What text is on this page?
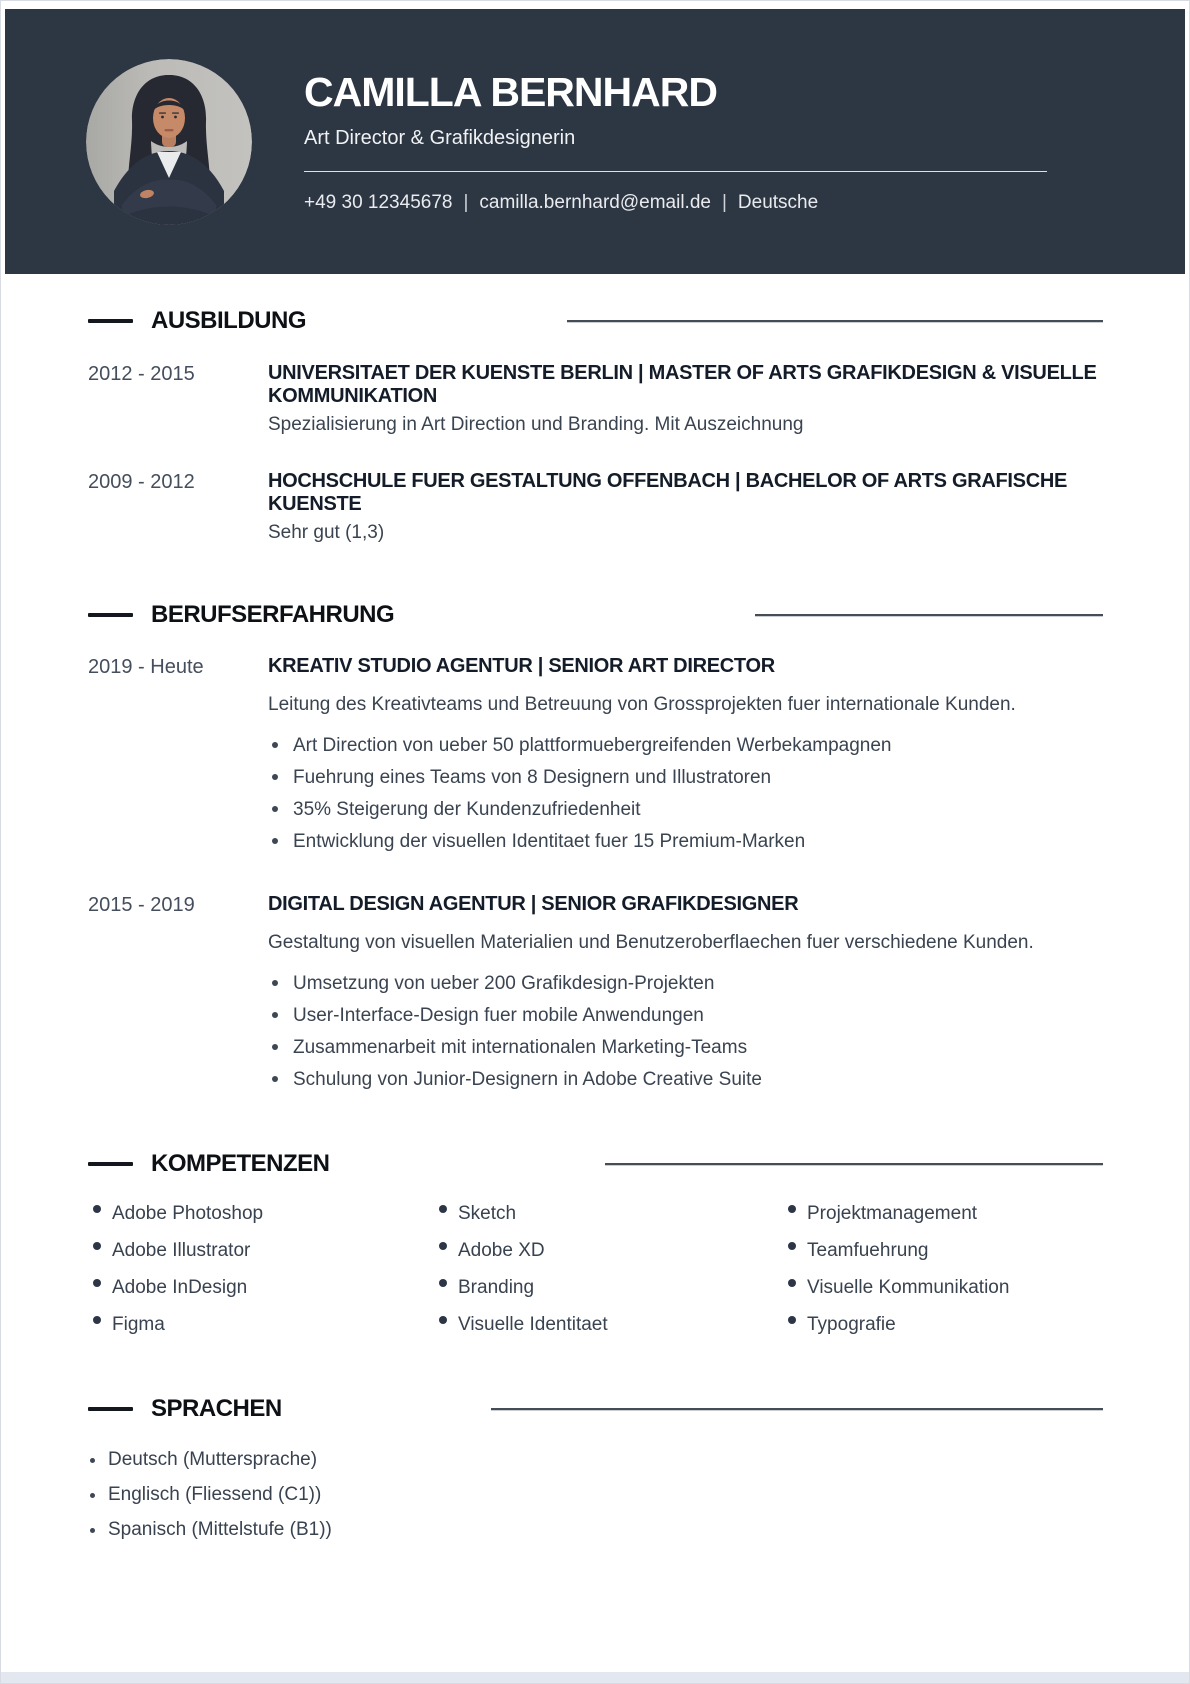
CAMILLA BERNHARD
Art Director & Grafikdesignerin
+49 30 12345678 | camilla.bernhard@email.de | Deutsche
AUSBILDUNG
2012 - 2015	UNIVERSITAET DER KUENSTE BERLIN | MASTER OF ARTS GRAFIKDESIGN & VISUELLE KOMMUNIKATION
Spezialisierung in Art Direction und Branding. Mit Auszeichnung
2009 - 2012	HOCHSCHULE FUER GESTALTUNG OFFENBACH | BACHELOR OF ARTS GRAFISCHE KUENSTE
Sehr gut (1,3)
BERUFSERFAHRUNG
2019 - Heute	KREATIV STUDIO AGENTUR | SENIOR ART DIRECTOR
Leitung des Kreativteams und Betreuung von Grossprojekten fuer internationale Kunden.
Art Direction von ueber 50 plattformuebergreifenden Werbekampagnen
Fuehrung eines Teams von 8 Designern und Illustratoren
35% Steigerung der Kundenzufriedenheit
Entwicklung der visuellen Identitaet fuer 15 Premium-Marken
2015 - 2019	DIGITAL DESIGN AGENTUR | SENIOR GRAFIKDESIGNER
Gestaltung von visuellen Materialien und Benutzeroberflaechen fuer verschiedene Kunden.
Umsetzung von ueber 200 Grafikdesign-Projekten
User-Interface-Design fuer mobile Anwendungen
Zusammenarbeit mit internationalen Marketing-Teams
Schulung von Junior-Designern in Adobe Creative Suite
KOMPETENZEN
Adobe Photoshop	Sketch	Projektmanagement
Adobe Illustrator	Adobe XD	Teamfuehrung
Adobe InDesign	Branding	Visuelle Kommunikation
Figma	Visuelle Identitaet	Typografie
SPRACHEN
Deutsch (Muttersprache)
Englisch (Fliessend (C1))
Spanisch (Mittelstufe (B1))
